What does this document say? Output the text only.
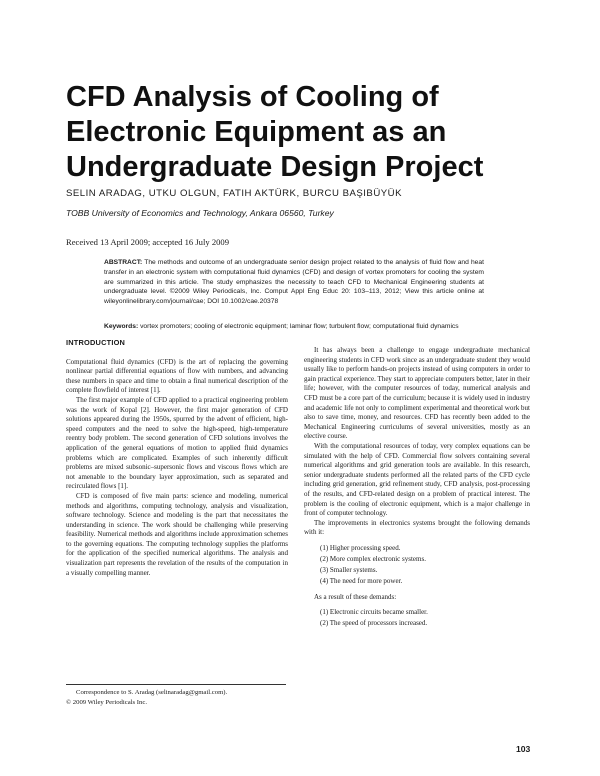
CFD Analysis of Cooling of Electronic Equipment as an Undergraduate Design Project
SELIN ARADAG, UTKU OLGUN, FATIH AKTÜRK, BURCU BAŞIBÜYÜK
TOBB University of Economics and Technology, Ankara 06560, Turkey
Received 13 April 2009; accepted 16 July 2009
ABSTRACT: The methods and outcome of an undergraduate senior design project related to the analysis of fluid flow and heat transfer in an electronic system with computational fluid dynamics (CFD) and design of vortex promoters for cooling the system are summarized in this article. The study emphasizes the necessity to teach CFD to Mechanical Engineering students at undergraduate level. ©2009 Wiley Periodicals, Inc. Comput Appl Eng Educ 20: 103–113, 2012; View this article online at wileyonlinelibrary.com/journal/cae; DOI 10.1002/cae.20378
Keywords: vortex promoters; cooling of electronic equipment; laminar flow; turbulent flow; computational fluid dynamics
INTRODUCTION

Computational fluid dynamics (CFD) is the art of replacing the governing nonlinear partial differential equations of flow with numbers, and advancing these numbers in space and time to obtain a final numerical description of the complete flowfield of interest [1].

The first major example of CFD applied to a practical engineering problem was the work of Kopal [2]. However, the first major generation of CFD solutions appeared during the 1950s, spurred by the advent of efficient, high-speed computers and the need to solve the high-speed, high-temperature reentry body problem. The second generation of CFD solutions involves the application of the general equations of motion to applied fluid dynamics problems which are complicated. Examples of such inherently difficult problems are mixed subsonic–supersonic flows and viscous flows which are not amenable to the boundary layer approximation, such as separated and recirculated flows [1].

CFD is composed of five main parts: science and modeling, numerical methods and algorithms, computing technology, analysis and visualization, software technology. Science and modeling is the part that necessitates the understanding in science. The work should be challenging while preserving feasibility. Numerical methods and algorithms include approximation schemes to the governing equations. The computing technology supplies the platforms for the application of the specified numerical algorithms. The analysis and visualization part represents the revelation of the results of the computation in a visually compelling manner.

It has always been a challenge to engage undergraduate mechanical engineering students in CFD work since as an undergraduate student they would usually like to perform hands-on projects instead of using computers in order to gain practical experience. They start to appreciate computers better, later in their life; however, with the computer resources of today, numerical analysis and CFD must be a core part of the curriculum; because it is widely used in industry and academic life not only to compliment experimental and theoretical work but also to save time, money, and resources. CFD has recently been added to the Mechanical Engineering curriculums of several universities, mostly as an elective course.

With the computational resources of today, very complex equations can be simulated with the help of CFD. Commercial flow solvers containing several numerical algorithms and grid generation tools are available. In this research, senior undergraduate students performed all the related parts of the CFD cycle including grid generation, grid refinement study, CFD analysis, post-processing of the results, and CFD-related design on a problem of practical interest. The problem is the cooling of electronic equipment, which is a major challenge in front of computer technology.

The improvements in electronics systems brought the following demands with it:

(1) Higher processing speed.
(2) More complex electronic systems.
(3) Smaller systems.
(4) The need for more power.

As a result of these demands:

(1) Electronic circuits became smaller.
(2) The speed of processors increased.
Correspondence to S. Aradag (selinaradag@gmail.com).
© 2009 Wiley Periodicals Inc.
103
